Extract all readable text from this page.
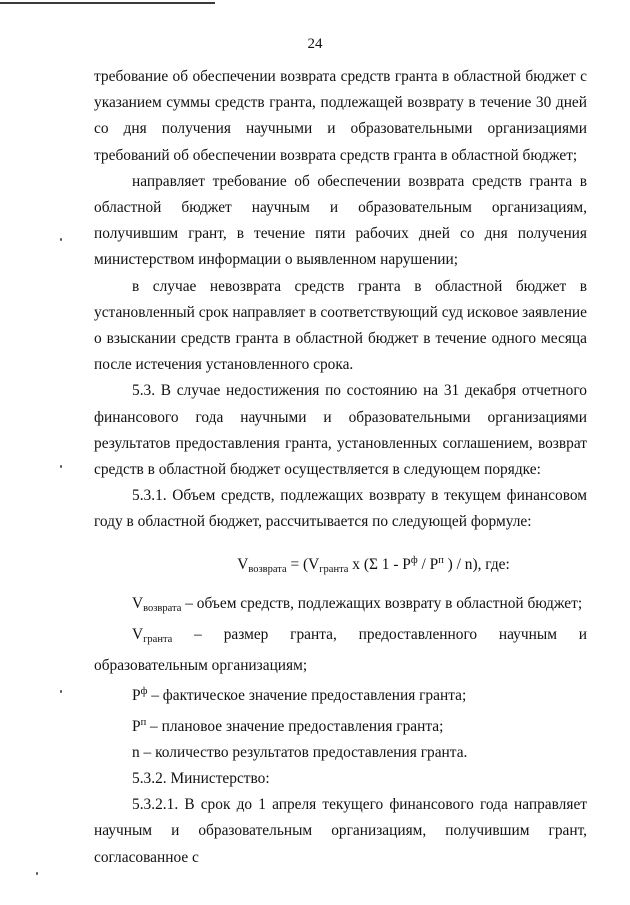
24

требование об обеспечении возврата средств гранта в областной бюджет с указанием суммы средств гранта, подлежащей возврату в течение 30 дней со дня получения научными и образовательными организациями требований об обеспечении возврата средств гранта в областной бюджет;

направляет требование об обеспечении возврата средств гранта в областной бюджет научным и образовательным организациям, получившим грант, в течение пяти рабочих дней со дня получения министерством информации о выявленном нарушении;

в случае невозврата средств гранта в областной бюджет в установленный срок направляет в соответствующий суд исковое заявление о взыскании средств гранта в областной бюджет в течение одного месяца после истечения установленного срока.

5.3. В случае недостижения по состоянию на 31 декабря отчетного финансового года научными и образовательными организациями результатов предоставления гранта, установленных соглашением, возврат средств в областной бюджет осуществляется в следующем порядке:

5.3.1. Объем средств, подлежащих возврату в текущем финансовом году в областной бюджет, рассчитывается по следующей формуле:

$V_{возврата} = (V_{гранта}$ х (Σ $1 - P^ф / P^п$ ) / n), где:

$V_{возврата}$ – объем средств, подлежащих возврату в областной бюджет;

$V_{гранта}$ – размер гранта, предоставленного научным и образовательным организациям;

$P^ф$ – фактическое значение предоставления гранта;

$P^п$ – плановое значение предоставления гранта;

n – количество результатов предоставления гранта.

5.3.2. Министерство:

5.3.2.1. В срок до 1 апреля текущего финансового года направляет научным и образовательным организациям, получившим грант, согласованное с
